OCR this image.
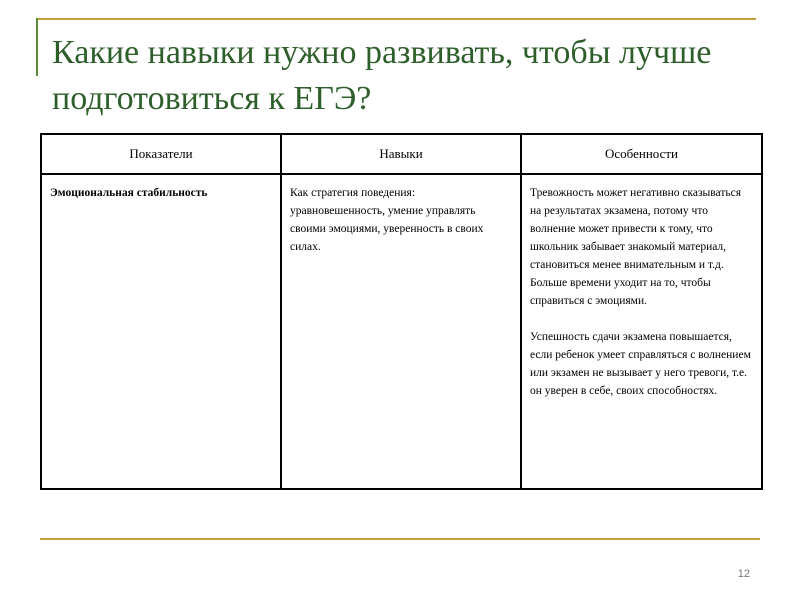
Какие навыки нужно развивать, чтобы лучше подготовиться к ЕГЭ?
Показатели	Навыки	Особенности
Эмоциональная стабильность	Как стратегия поведения: уравновешенность, умение управлять своими эмоциями, уверенность в своих силах.	Тревожность может негативно сказываться на результатах экзамена, потому что волнение может привести к тому, что школьник забывает знакомый материал, становиться менее внимательным и т.д. Больше времени уходит на то, чтобы справиться с эмоциями.
Успешность сдачи экзамена повышается, если ребенок умеет справляться с волнением или экзамен не вызывает у него тревоги, т.е. он уверен в себе, своих способностях.
12
